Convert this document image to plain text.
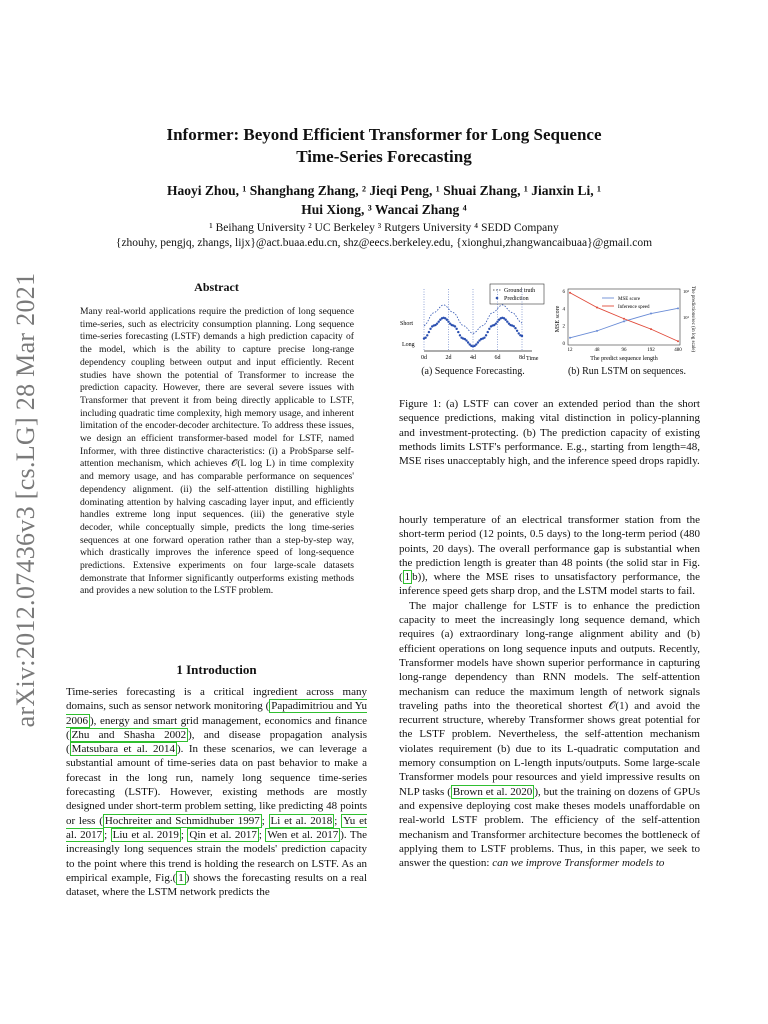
arXiv:2012.07436v3 [cs.LG] 28 Mar 2021
Informer: Beyond Efficient Transformer for Long Sequence
Time-Series Forecasting
Haoyi Zhou, ¹ Shanghang Zhang, ² Jieqi Peng, ¹ Shuai Zhang, ¹ Jianxin Li, ¹
Hui Xiong, ³ Wancai Zhang ⁴
¹ Beihang University ² UC Berkeley ³ Rutgers University ⁴ SEDD Company
{zhouhy, pengjq, zhangs, lijx}@act.buaa.edu.cn, shz@eecs.berkeley.edu, {xionghui,zhangwancaibuaa}@gmail.com
Abstract
Many real-world applications require the prediction of long sequence time-series, such as electricity consumption planning. Long sequence time-series forecasting (LSTF) demands a high prediction capacity of the model, which is the ability to capture precise long-range dependency coupling between output and input efficiently. Recent studies have shown the potential of Transformer to increase the prediction capacity. However, there are several severe issues with Transformer that prevent it from being directly applicable to LSTF, including quadratic time complexity, high memory usage, and inherent limitation of the encoder-decoder architecture. To address these issues, we design an efficient transformer-based model for LSTF, named Informer, with three distinctive characteristics: (i) a ProbSparse self-attention mechanism, which achieves 𝒪(L log L) in time complexity and memory usage, and has comparable performance on sequences' dependency alignment. (ii) the self-attention distilling highlights dominating attention by halving cascading layer input, and efficiently handles extreme long input sequences. (iii) the generative style decoder, while conceptually simple, predicts the long time-series sequences at one forward operation rather than a step-by-step way, which drastically improves the inference speed of long-sequence predictions. Extensive experiments on four large-scale datasets demonstrate that Informer significantly outperforms existing methods and provides a new solution to the LSTF problem.
1 Introduction
Time-series forecasting is a critical ingredient across many domains, such as sensor network monitoring ( Papadimitriou and Yu 2006 ), energy and smart grid management, economics and finance ( Zhu and Shasha 2002 ), and disease propagation analysis ( Matsubara et al. 2014 ). In these scenarios, we can leverage a substantial amount of time-series data on past behavior to make a forecast in the long run, namely long sequence time-series forecasting (LSTF). However, existing methods are mostly designed under short-term problem setting, like predicting 48 points or less ( Hochreiter and Schmidhuber 1997 ; Li et al. 2018 ; Yu et al. 2017 ; Liu et al. 2019 ; Qin et al. 2017 ; Wen et al. 2017 ). The increasingly long sequences strain the models' prediction capacity to the point where this trend is holding the research on LSTF. As an empirical example, Fig.( 1 ) shows the forecasting results on a real dataset, where the LSTM network predicts the
Ground truth
Prediction
Short
Long
0d	2d	4d	6d	8d Time
MSE score	The predictions/sec (in log scale)
0
2
4
6	10²
10¹
12	48	96	192	480
The predict sequence length
MSE score
Inference speed
(a) Sequence Forecasting.	(b) Run LSTM on sequences.
Figure 1: (a) LSTF can cover an extended period than the short sequence predictions, making vital distinction in policy-planning and investment-protecting. (b) The prediction capacity of existing methods limits LSTF's performance. E.g., starting from length=48, MSE rises unacceptably high, and the inference speed drops rapidly.
hourly temperature of an electrical transformer station from the short-term period (12 points, 0.5 days) to the long-term period (480 points, 20 days). The overall performance gap is substantial when the prediction length is greater than 48 points (the solid star in Fig.( 1 b)), where the MSE rises to unsatisfactory performance, the inference speed gets sharp drop, and the LSTM model starts to fail.
The major challenge for LSTF is to enhance the prediction capacity to meet the increasingly long sequence demand, which requires (a) extraordinary long-range alignment ability and (b) efficient operations on long sequence inputs and outputs. Recently, Transformer models have shown superior performance in capturing long-range dependency than RNN models. The self-attention mechanism can reduce the maximum length of network signals traveling paths into the theoretical shortest 𝒪(1) and avoid the recurrent structure, whereby Transformer shows great potential for the LSTF problem. Nevertheless, the self-attention mechanism violates requirement (b) due to its L-quadratic computation and memory consumption on L-length inputs/outputs. Some large-scale Transformer models pour resources and yield impressive results on NLP tasks ( Brown et al. 2020 ), but the training on dozens of GPUs and expensive deploying cost make theses models unaffordable on real-world LSTF problem. The efficiency of the self-attention mechanism and Transformer architecture becomes the bottleneck of applying them to LSTF problems. Thus, in this paper, we seek to answer the question: can we improve Transformer models to
